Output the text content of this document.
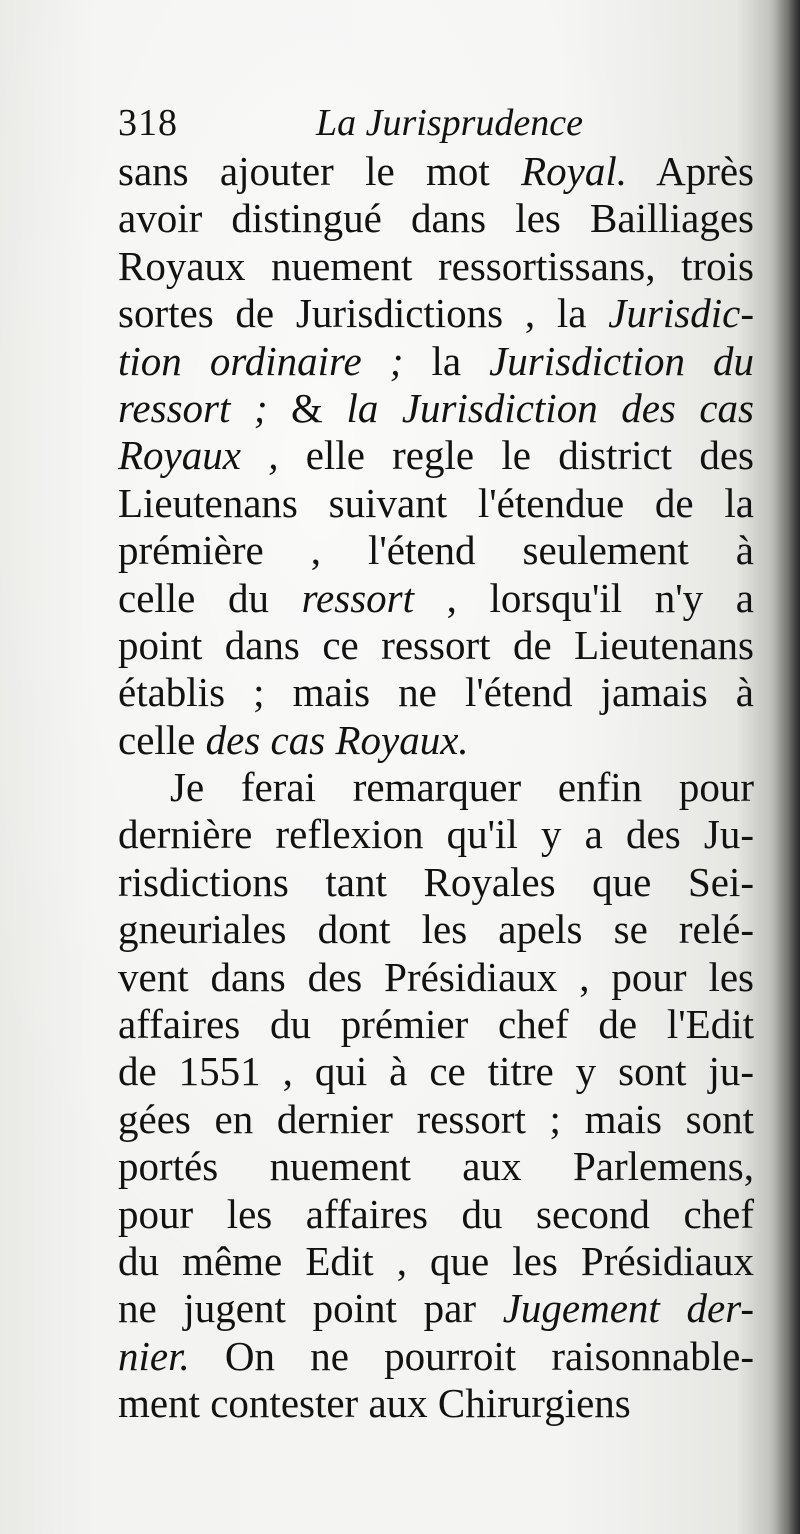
318	La Jurisprudence
sans ajouter le mot Royal. Après
avoir distingué dans les Bailliages
Royaux nuement ressortissans, trois
sortes de Jurisdictions , la Jurisdic-
tion ordinaire ; la Jurisdiction du
ressort ; & la Jurisdiction des cas
Royaux , elle regle le district des
Lieutenans suivant l'étendue de la
prémière , l'étend seulement à
celle du ressort , lorsqu'il n'y a
point dans ce ressort de Lieutenans
établis ; mais ne l'étend jamais à
celle des cas Royaux.
Je ferai remarquer enfin pour
dernière reflexion qu'il y a des Ju-
risdictions tant Royales que Sei-
gneuriales dont les apels se relé-
vent dans des Présidiaux , pour les
affaires du prémier chef de l'Edit
de 1551 , qui à ce titre y sont ju-
gées en dernier ressort ; mais sont
portés nuement aux Parlemens,
pour les affaires du second chef
du même Edit , que les Présidiaux
ne jugent point par Jugement der-
nier. On ne pourroit raisonnable-
ment contester aux Chirurgiens
